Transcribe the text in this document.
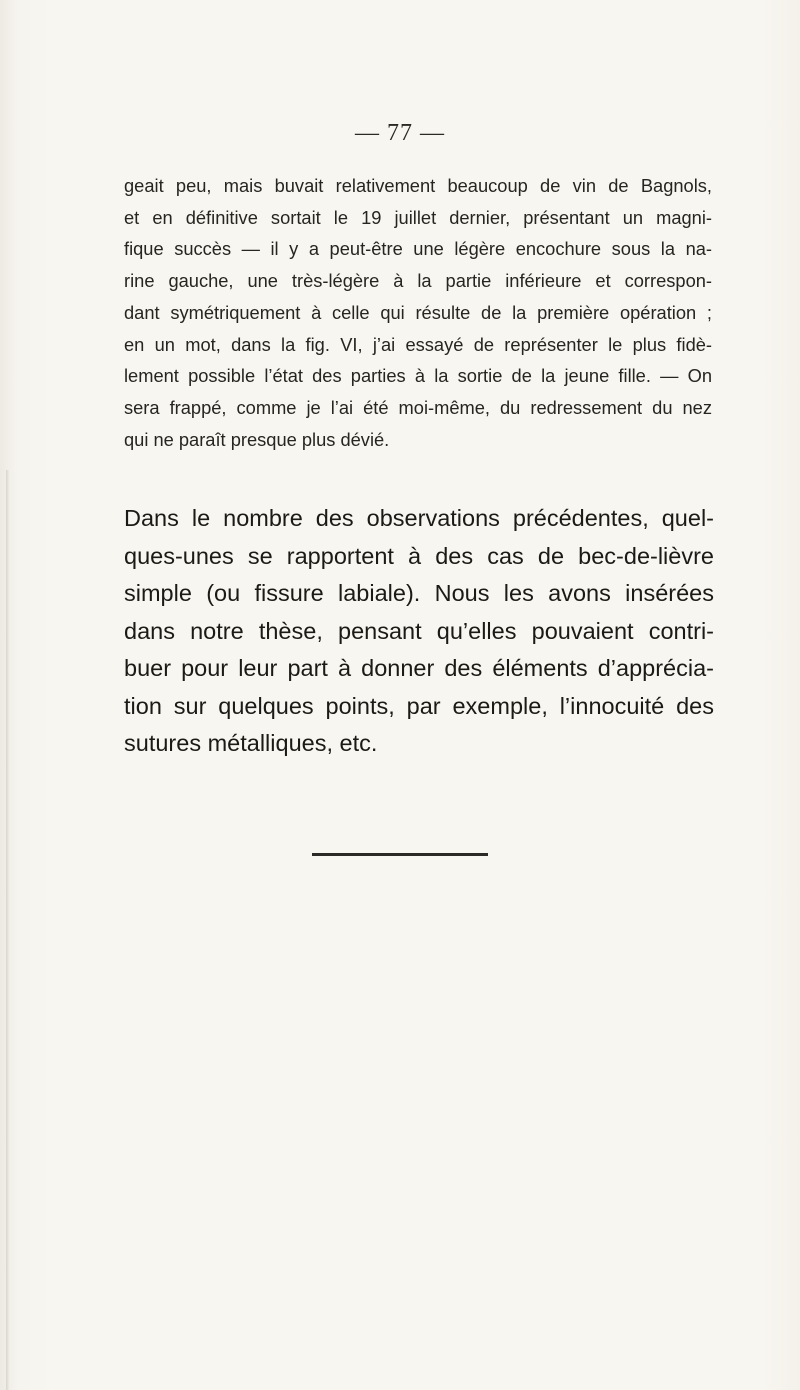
— 77 —
geait peu, mais buvait relativement beaucoup de vin de Bagnols,
et en définitive sortait le 19 juillet dernier, présentant un magni-
fique succès — il y a peut-être une légère encochure sous la na-
rine gauche, une très-légère à la partie inférieure et correspon-
dant symétriquement à celle qui résulte de la première opération ;
en un mot, dans la fig. VI, j’ai essayé de représenter le plus fidè-
lement possible l’état des parties à la sortie de la jeune fille. — On
sera frappé, comme je l’ai été moi-même, du redressement du nez
qui ne paraît presque plus dévié.
Dans le nombre des observations précédentes, quel-
ques-unes se rapportent à des cas de bec-de-lièvre
simple (ou fissure labiale). Nous les avons insérées
dans notre thèse, pensant qu’elles pouvaient contri-
buer pour leur part à donner des éléments d’apprécia-
tion sur quelques points, par exemple, l’innocuité des
sutures métalliques, etc.
